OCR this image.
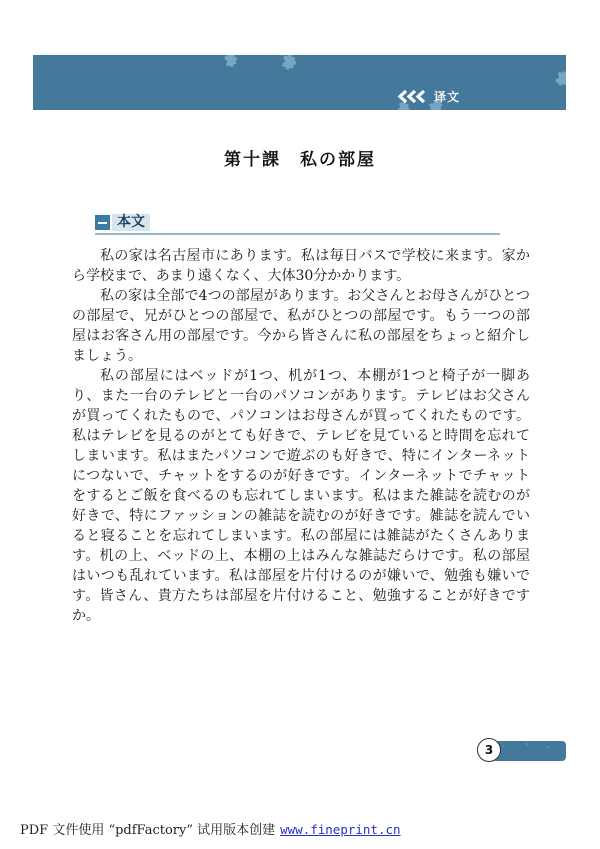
译文
第十課　私の部屋
本文

私の家は名古屋市にあります。私は毎日バスで学校に来ます。家から学校まで、あまり遠くなく、大体30分かかります。

私の家は全部で4つの部屋があります。お父さんとお母さんがひとつの部屋で、兄がひとつの部屋で、私がひとつの部屋です。もう一つの部屋はお客さん用の部屋です。今から皆さんに私の部屋をちょっと紹介しましょう。

私の部屋にはベッドが1つ、机が1つ、本棚が1つと椅子が一脚あり、また一台のテレビと一台のパソコンがあります。テレビはお父さんが買ってくれたもので、パソコンはお母さんが買ってくれたものです。私はテレビを見るのがとても好きで、テレビを見ていると時間を忘れてしまいます。私はまたパソコンで遊ぶのも好きで、特にインターネットにつないで、チャットをするのが好きです。インターネットでチャットをするとご飯を食べるのも忘れてしまいます。私はまた雑誌を読むのが好きで、特にファッションの雑誌を読むのが好きです。雑誌を読んでいると寝ることを忘れてしまいます。私の部屋には雑誌がたくさんあります。机の上、ベッドの上、本棚の上はみんな雑誌だらけです。私の部屋はいつも乱れています。私は部屋を片付けるのが嫌いで、勉強も嫌いです。皆さん、貴方たちは部屋を片付けること、勉強することが好きですか。

3
PDF 文件使用 “pdfFactory” 试用版本创建 www.fineprint.cn
